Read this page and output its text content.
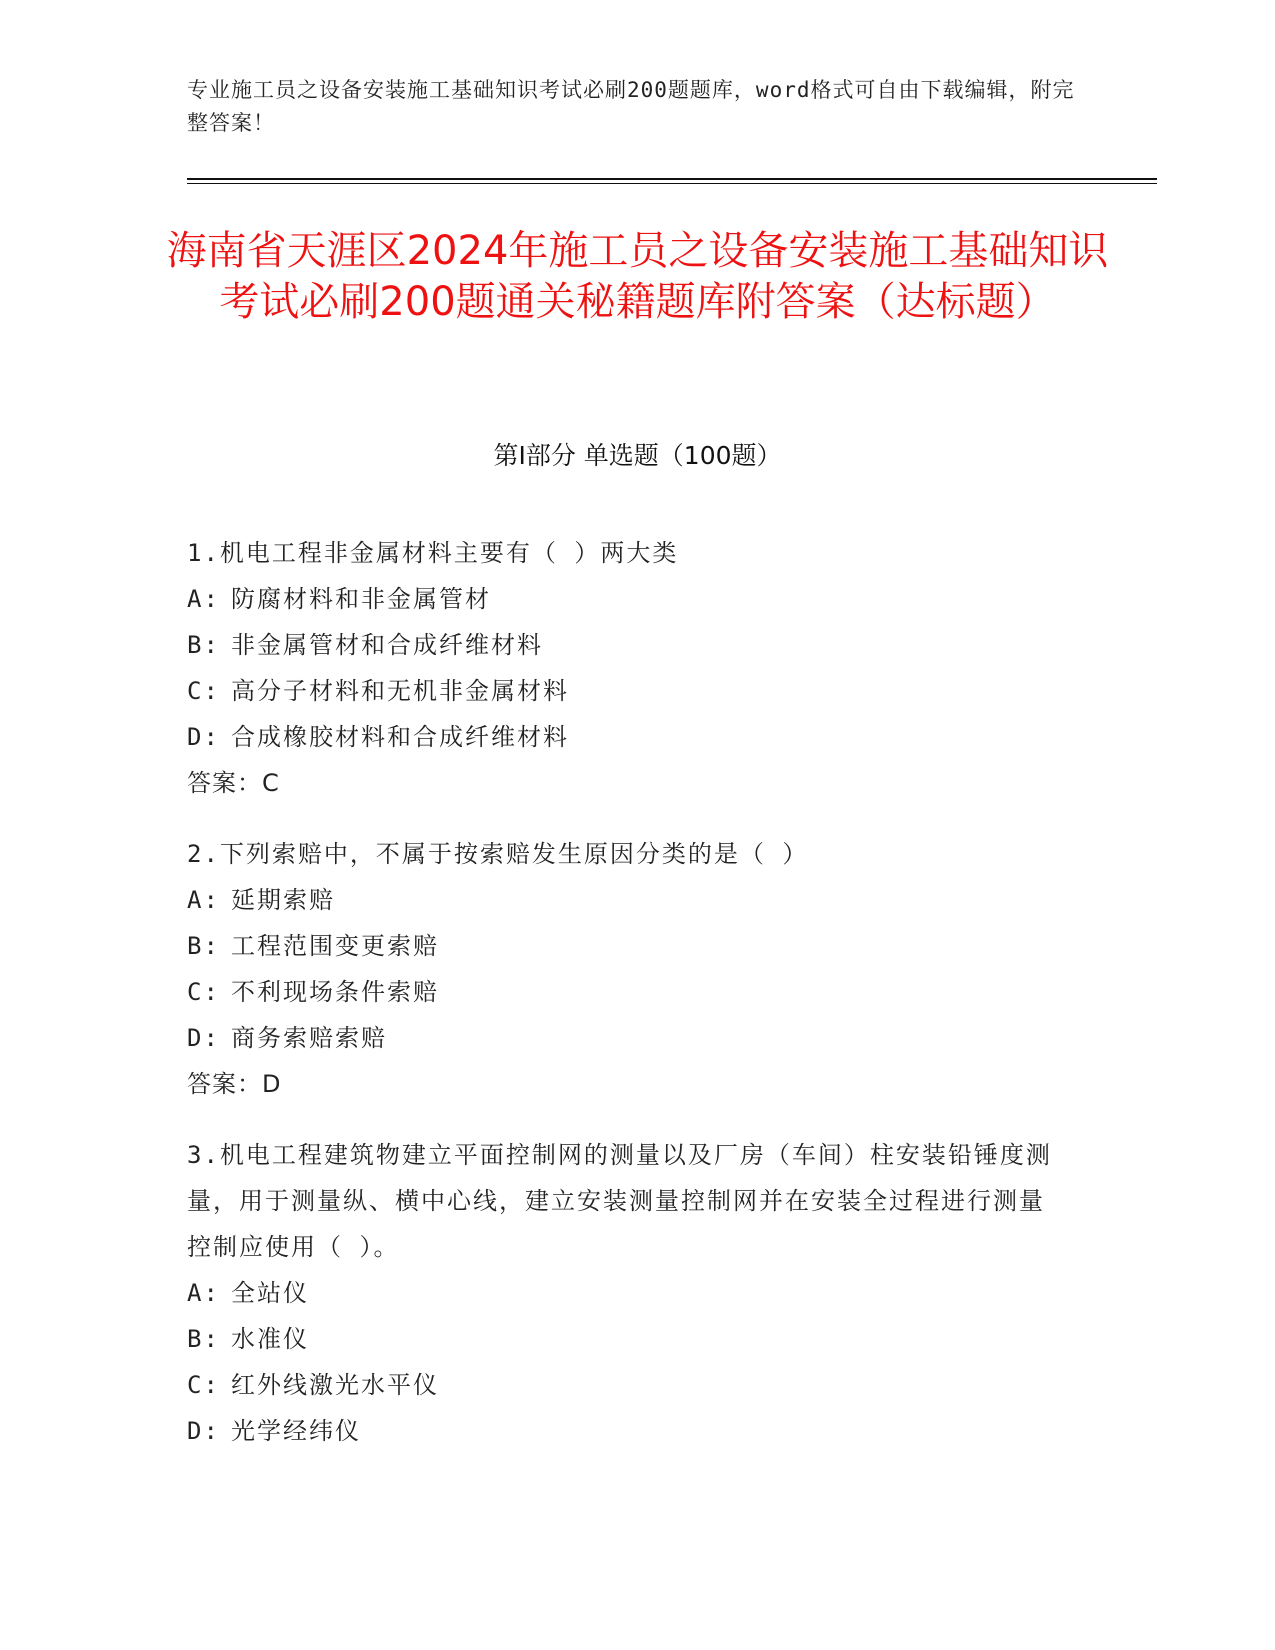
专业施工员之设备安装施工基础知识考试必刷200题题库，word格式可自由下载编辑，附完整答案！
海南省天涯区2024年施工员之设备安装施工基础知识考试必刷200题通关秘籍题库附答案（达标题）
第Ⅰ部分 单选题（100题）
1.机电工程非金属材料主要有（ ）两大类
A: 防腐材料和非金属管材
B: 非金属管材和合成纤维材料
C: 高分子材料和无机非金属材料
D: 合成橡胶材料和合成纤维材料
答案：C
2.下列索赔中，不属于按索赔发生原因分类的是（ ）
A: 延期索赔
B: 工程范围变更索赔
C: 不利现场条件索赔
D: 商务索赔索赔
答案：D
3.机电工程建筑物建立平面控制网的测量以及厂房（车间）柱安装铅锤度测量，用于测量纵、横中心线，建立安装测量控制网并在安装全过程进行测量控制应使用（ ）。
A: 全站仪
B: 水准仪
C: 红外线激光水平仪
D: 光学经纬仪
